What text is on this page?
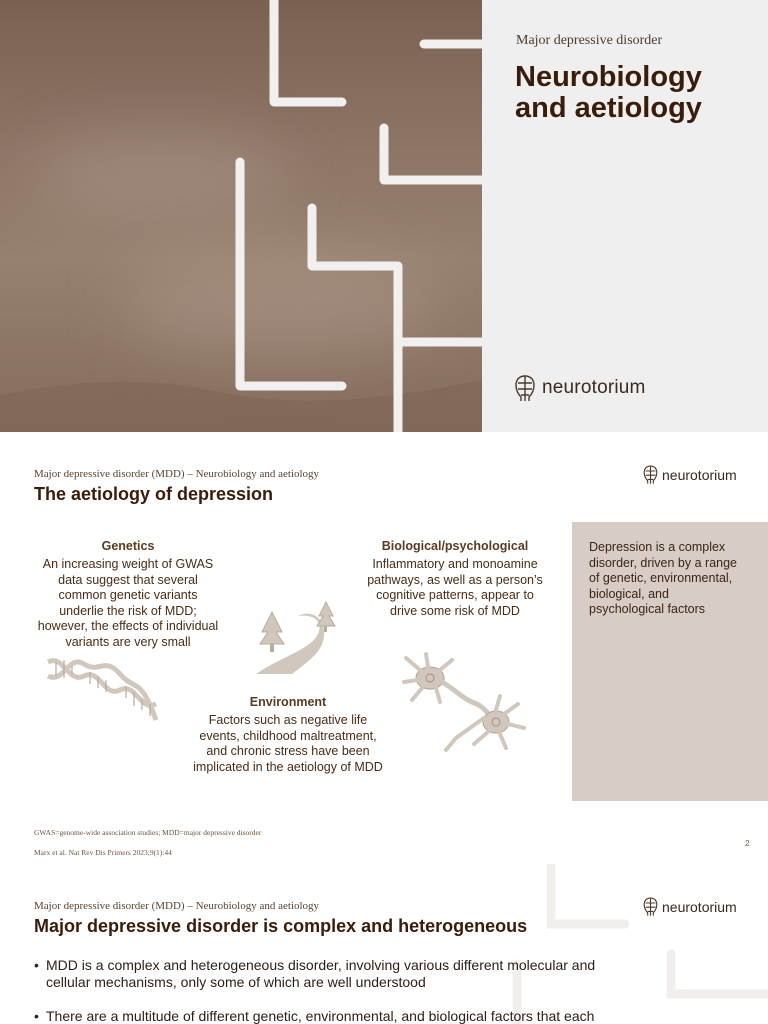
Major depressive disorder
Neurobiology
and aetiology
neurotorium
Major depressive disorder (MDD) – Neurobiology and aetiology
The aetiology of depression
neurotorium
Genetics
An increasing weight of GWAS
data suggest that several
common genetic variants
underlie the risk of MDD;
however, the effects of individual
variants are very small
Biological/psychological
Inflammatory and monoamine
pathways, as well as a person’s
cognitive patterns, appear to
drive some risk of MDD
Environment
Factors such as negative life
events, childhood maltreatment,
and chronic stress have been
implicated in the aetiology of MDD

Depression is a complex
disorder, driven by a range
of genetic, environmental,
biological, and
psychological factors

GWAS=genome-wide association studies; MDD=major depressive disorder
Marx et al. Nat Rev Dis Primers 2023;9(1):44
2
Major depressive disorder (MDD) – Neurobiology and aetiology
Major depressive disorder is complex and heterogeneous
neurotorium
• MDD is a complex and heterogeneous disorder, involving various different molecular and
cellular mechanisms, only some of which are well understood
• There are a multitude of different genetic, environmental, and biological factors that each
